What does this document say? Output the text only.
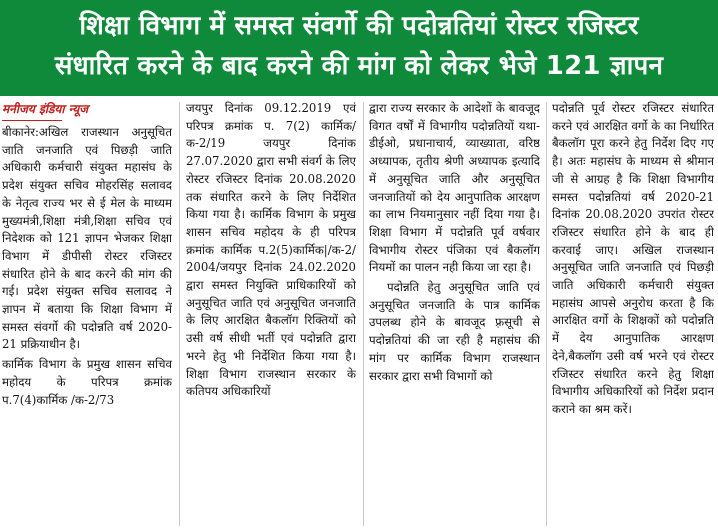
शिक्षा विभाग में समस्त संवर्गो की पदोन्नतियां रोस्टर रजिस्टर
संधारित करने के बाद करने की मांग को लेकर भेजे 121 ज्ञापन
मनीजय इंडिया न्यूज

बीकानेर:अखिल राजस्थान अनुसूचित जाति जनजाति एवं पिछड़ी जाति अधिकारी कर्मचारी संयुक्त महासंघ के प्रदेश संयुक्त सचिव मोहरसिंह सलावद के नेतृत्व राज्य भर से ई मेल के माध्यम मुख्यमंत्री,शिक्षा मंत्री,शिक्षा सचिव एवं निदेशक को 121 ज्ञापन भेजकर शिक्षा विभाग में डीपीसी रोस्टर रजिस्टर संधारित होने के बाद करने की मांग की गई। प्रदेश संयुक्त सचिव सलावद ने ज्ञापन में बताया कि शिक्षा विभाग में समस्त संवर्गो की पदोन्नति वर्ष 2020-21 प्रक्रियाधीन है।

कार्मिक विभाग के प्रमुख शासन सचिव महोदय के परिपत्र क्रमांक प.7(4)कार्मिक /क-2/73

जयपुर दिनांक 09.12.2019 एवं परिपत्र क्रमांक प. 7(2) कार्मिक/क-2/19 जयपुर दिनांक 27.07.2020 द्वारा सभी संवर्ग के लिए रोस्टर रजिस्टर दिनांक 20.08.2020 तक संधारित करने के लिए निर्देशित किया गया है। कार्मिक विभाग के प्रमुख शासन सचिव महोदय के ही परिपत्र क्रमांक कार्मिक प.2(5)कार्मिक|/क-2/ 2004/जयपुर दिनांक 24.02.2020 द्वारा समस्त नियुक्ति प्राधिकारियों को अनुसूचित जाति एवं अनुसूचित जनजाति के लिए आरक्षित बैकलॉग रिक्तियों को उसी वर्ष सीधी भर्ती एवं पदोन्नति द्वारा भरने हेतु भी निर्देशित किया गया है। शिक्षा विभाग राजस्थान सरकार के कतिपय अधिकारियों

द्वारा राज्य सरकार के आदेशों के बावजूद विगत वर्षों में विभागीय पदोन्नतियों यथा-डीईओ, प्रधानाचार्य, व्याख्याता, वरिष्ठ अध्यापक, तृतीय श्रेणी अध्यापक इत्यादि में अनुसूचित जाति और अनुसूचित जनजातियों को देय आनुपातिक आरक्षण का लाभ नियमानुसार नहीं दिया गया है। शिक्षा विभाग में पदोन्नति पूर्व वर्षवार विभागीय रोस्टर पंजिका एवं बैकलॉग नियमों का पालन नही किया जा रहा है।

पदोन्नति हेतु अनुसूचित जाति एवं अनुसूचित जनजाति के पात्र कार्मिक उपलब्ध होने के बावजूद फ़्रसूची से पदोन्नतियां की जा रही है महासंघ की मांग पर कार्मिक विभाग राजस्थान सरकार द्वारा सभी विभागों को

पदोन्नति पूर्व रोस्टर रजिस्टर संधारित करने एवं आरक्षित वर्गो के का निर्धारित बैकलॉग पूरा करने हेतु निर्देश दिए गए है। अतः महासंघ के माध्यम से श्रीमान जी से आग्रह है कि शिक्षा विभागीय समस्त पदोन्नतियां वर्ष 2020-21 दिनांक 20.08.2020 उपरांत रोस्टर रजिस्टर संधारित होने के बाद ही करवाई जाए। अखिल राजस्थान अनुसूचित जाति जनजाति एवं पिछड़ी जाति अधिकारी कर्मचारी संयुक्त महासंघ आपसे अनुरोध करता है कि आरक्षित वर्गो के शिक्षकों को पदोन्नति में देय आनुपातिक आरक्षण देने,बैकलॉग उसी वर्ष भरने एवं रोस्टर रजिस्टर संधारित करने हेतु शिक्षा विभागीय अधिकारियों को निर्देश प्रदान कराने का श्रम करें।
